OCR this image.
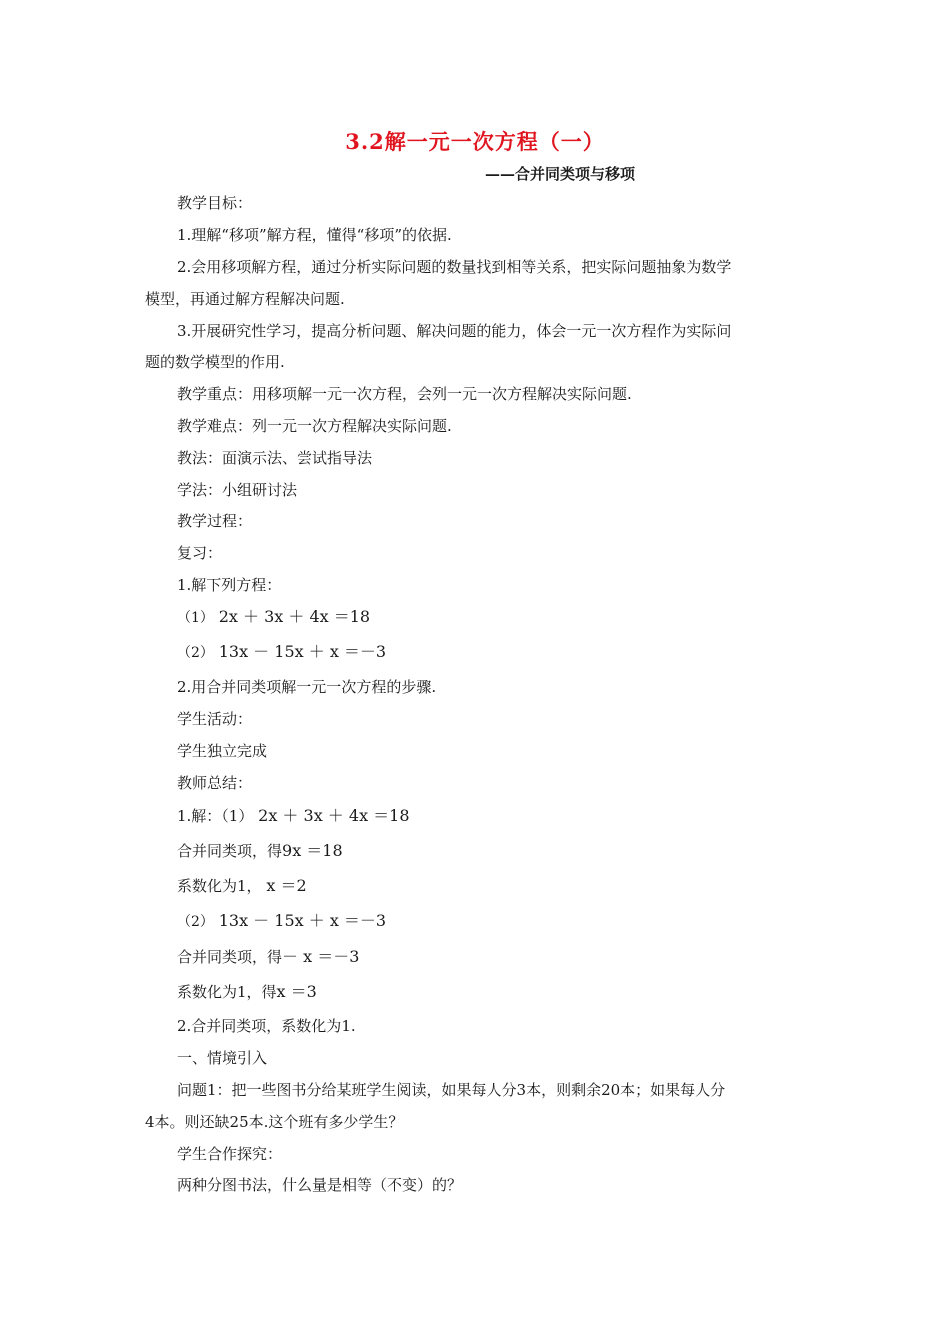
3.2解一元一次方程（一）
——合并同类项与移项
教学目标：
1.理解“移项”解方程，懂得“移项”的依据.
2.会用移项解方程，通过分析实际问题的数量找到相等关系，把实际问题抽象为数学
模型，再通过解方程解决问题.
3.开展研究性学习，提高分析问题、解决问题的能力，体会一元一次方程作为实际问
题的数学模型的作用.
教学重点：用移项解一元一次方程，会列一元一次方程解决实际问题.
教学难点：列一元一次方程解决实际问题.
教法：面演示法、尝试指导法
学法：小组研讨法
教学过程：
复习：
1.解下列方程：
（1） 2x ＋ 3x ＋ 4x ＝18
（2） 13x － 15x ＋ x ＝－3
2.用合并同类项解一元一次方程的步骤.
学生活动：
学生独立完成
教师总结：
1.解：（1） 2x ＋ 3x ＋ 4x ＝18
合并同类项，得9x ＝18
系数化为1， x ＝2
（2） 13x － 15x ＋ x ＝－3
合并同类项，得－ x ＝－3
系数化为1，得x ＝3
2.合并同类项，系数化为1.
一、情境引入
问题1：把一些图书分给某班学生阅读，如果每人分3本，则剩余20本；如果每人分
4本。则还缺25本.这个班有多少学生？
学生合作探究：
两种分图书法，什么量是相等（不变）的？
